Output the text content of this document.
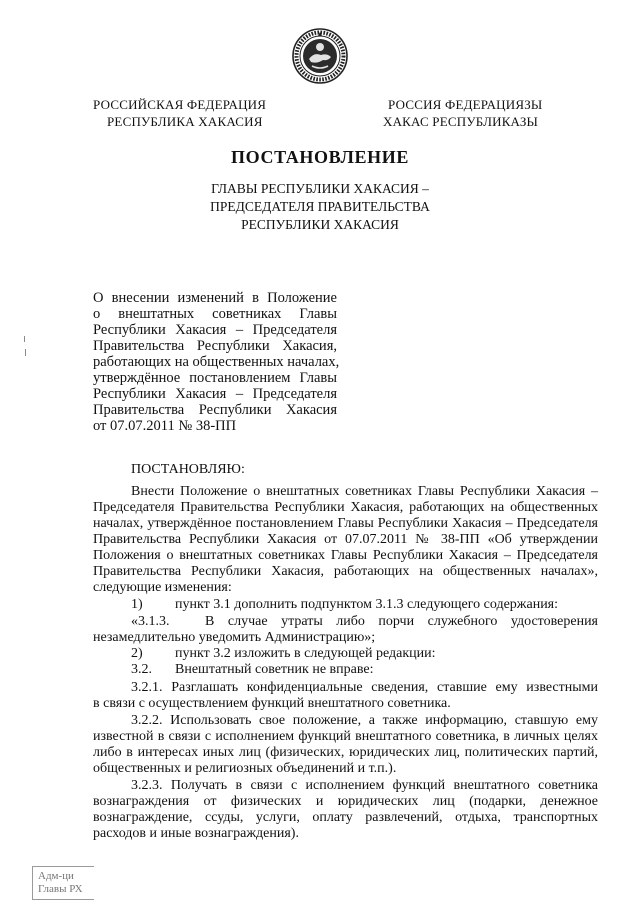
РОССИЙСКАЯ ФЕДЕРАЦИЯ
РЕСПУБЛИКА ХАКАСИЯ
РОССИЯ ФЕДЕРАЦИЯЗЫ
ХАКАС РЕСПУБЛИКАЗЫ
ПОСТАНОВЛЕНИЕ
ГЛАВЫ РЕСПУБЛИКИ ХАКАСИЯ –
ПРЕДСЕДАТЕЛЯ ПРАВИТЕЛЬСТВА
РЕСПУБЛИКИ ХАКАСИЯ
О внесении изменений в Положение
о внештатных советниках Главы
Республики Хакасия – Председателя
Правительства Республики Хакасия,
работающих на общественных началах,
утверждённое постановлением Главы
Республики Хакасия – Председателя
Правительства Республики Хакасия
от 07.07.2011 № 38-ПП
ПОСТАНОВЛЯЮ:
Внести Положение о внештатных советниках Главы Республики Хакасия –
Председателя Правительства Республики Хакасия, работающих на общественных
началах, утверждённое постановлением Главы Республики Хакасия – Председателя
Правительства Республики Хакасия от 07.07.2011 № 38-ПП «Об утверждении
Положения о внештатных советниках Главы Республики Хакасия – Председателя
Правительства Республики Хакасия, работающих на общественных началах»,
следующие изменения:
1) пункт 3.1 дополнить подпунктом 3.1.3 следующего содержания:
«3.1.3.	В случае утраты либо порчи служебного удостоверения
незамедлительно уведомить Администрацию»;
2) пункт 3.2 изложить в следующей редакции:
3.2. Внештатный советник не вправе:
3.2.1. Разглашать конфиденциальные сведения, ставшие ему известными
в связи с осуществлением функций внештатного советника.
3.2.2. Использовать свое положение, а также информацию, ставшую ему
известной в связи с исполнением функций внештатного советника, в личных целях
либо в интересах иных лиц (физических, юридических лиц, политических партий,
общественных и религиозных объединений и т.п.).
3.2.3. Получать в связи с исполнением функций внештатного советника
вознаграждения от физических и юридических лиц (подарки, денежное
вознаграждение, ссуды, услуги, оплату развлечений, отдыха, транспортных
расходов и иные вознаграждения).
Адм-ци
Главы РХ
